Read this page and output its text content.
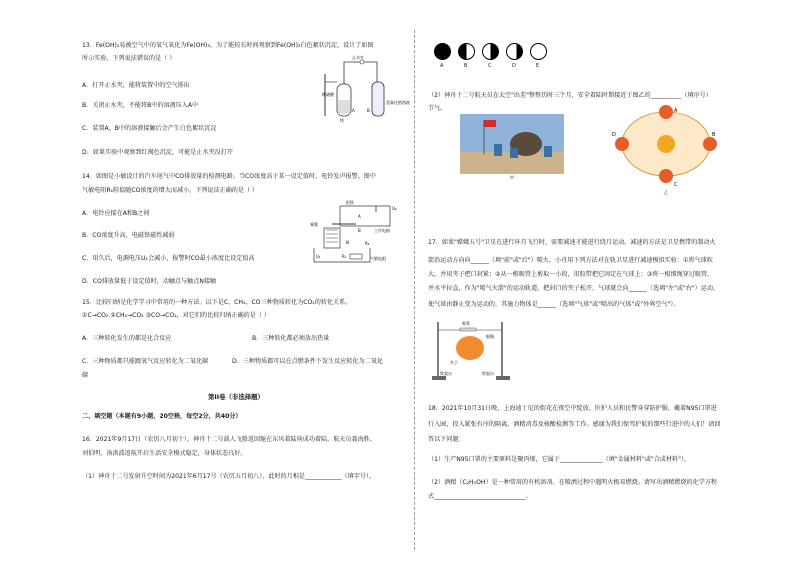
13．Fe(OH)₂易被空气中的氧气氧化为Fe(OH)₃，为了能较长时间观察到Fe(OH)₂白色絮状沉淀，设计了如图
所示实验。下列说法错误的是（ ）
A．打开止水夹，能将装置中的空气排出
B．关闭止水夹，不能将B中的溶液压入A中
C．装置A、B中的溶液接触后会产生白色絮状沉淀
D．如果实验中观察到红褐色沉淀，可能是止水夹没打开
止水夹
稀硫酸
铁
A	B
氢氧化钠溶液
14．如图是小敏设计的汽车尾气中CO排放量的检测电路。当CO浓度高于某一设定值时，电铃发声报警。图中
气敏电阻R₁阻值随CO浓度的增大而减小。下列说法正确的是（ ）
A．电铃应接在A和B之间
B．CO浓度升高，电磁铁磁性减弱
C．用久后，电源电压U₁会减小，报警时CO最小浓度比设定值高
D．CO排放量低于设定值时，动触点与触点N接触
衔铁
弹簧
A
B
U₂
U₁	R₁
R₂
N
工作电路
气敏电阻
15．比较归纳是化学学习中常用的一种方法。以下是C、CH₄、CO三种物质转化为CO₂的转化关系，
①C→CO₂ ②CH₄→CO₂ ③CO→CO₂，对它们的比较归纳正确的是（ ）
A．三种转化发生的都是化合反应	B．三种转化都必须放出热量
C．三种物质都只能跟氧气反应转化为二氧化碳	D．三种物质都可以在点燃条件下发生反应转化为二氧化
碳
第II卷（非选择题）
二、填空题（本题有9小题，20空格，每空2分，共40分）
16．2021年9月17日（农历八月初十），神舟十二号载人飞船返回舱在东风着陆场成功着陆，航天员聂海胜、
刘伯明、汤洪波返航开启生活安全模式稳定，身体状态良好。
（1）神舟十二号发射升空时间为2021年6月17号（农历五月初八），此时的月相是____________（填字号）。
A	B	C	D	E
（2）神舟十二号航天员在太空"出差"整整历时三个月，安全着陆时期接近于图乙的__________（填序号）
节气。
甲
A
B
C
D
乙
17．如果"嫦娥五号"卫星在进行环月飞行时，需要减速才能进行绕月运动。减速的方法是卫星携带的制动火
箭沿运动方向向______（填"前"或"后"）喷火。小舟用下列方法对在轨卫星进行减速模拟实验：①将气球吹
大，并用夹子把口封紧；②从一根吸管上剪取一小段，用胶带把它固定在气球上；③将一根细绳穿过吸管，
并水平拉直，作为"喷气火箭"的运动轨道，把封口的夹子松开，气球就会向______（选填"左"或"右"）运动，
使气球由静止变为运动的，其施力物体是______（选填"气球"或"喷出的气体"或"外界空气"）。
吸管
细绳
夹子
铁架台	铁架台
18．2021年10月31日晚，上海迪士尼的街花在夜空中绽放。医护人员和民警身穿防护服，戴着N95口罩进
行入园，投入紧张有序的隔离、酒精消毒及核酸检测等工作。感谢为我们保驾护航的那些行进中的人们！请回
答以下问题：
（1）生产N95口罩的主要原料是聚丙烯，它属于______________（填"金属材料"或"合成材料"）。
（2）酒精（C₂H₅OH）是一种常用的有机溶剂。在喷洒过程中遇明火极易燃烧。请写出酒精燃烧的化学方程
式______________________________。
